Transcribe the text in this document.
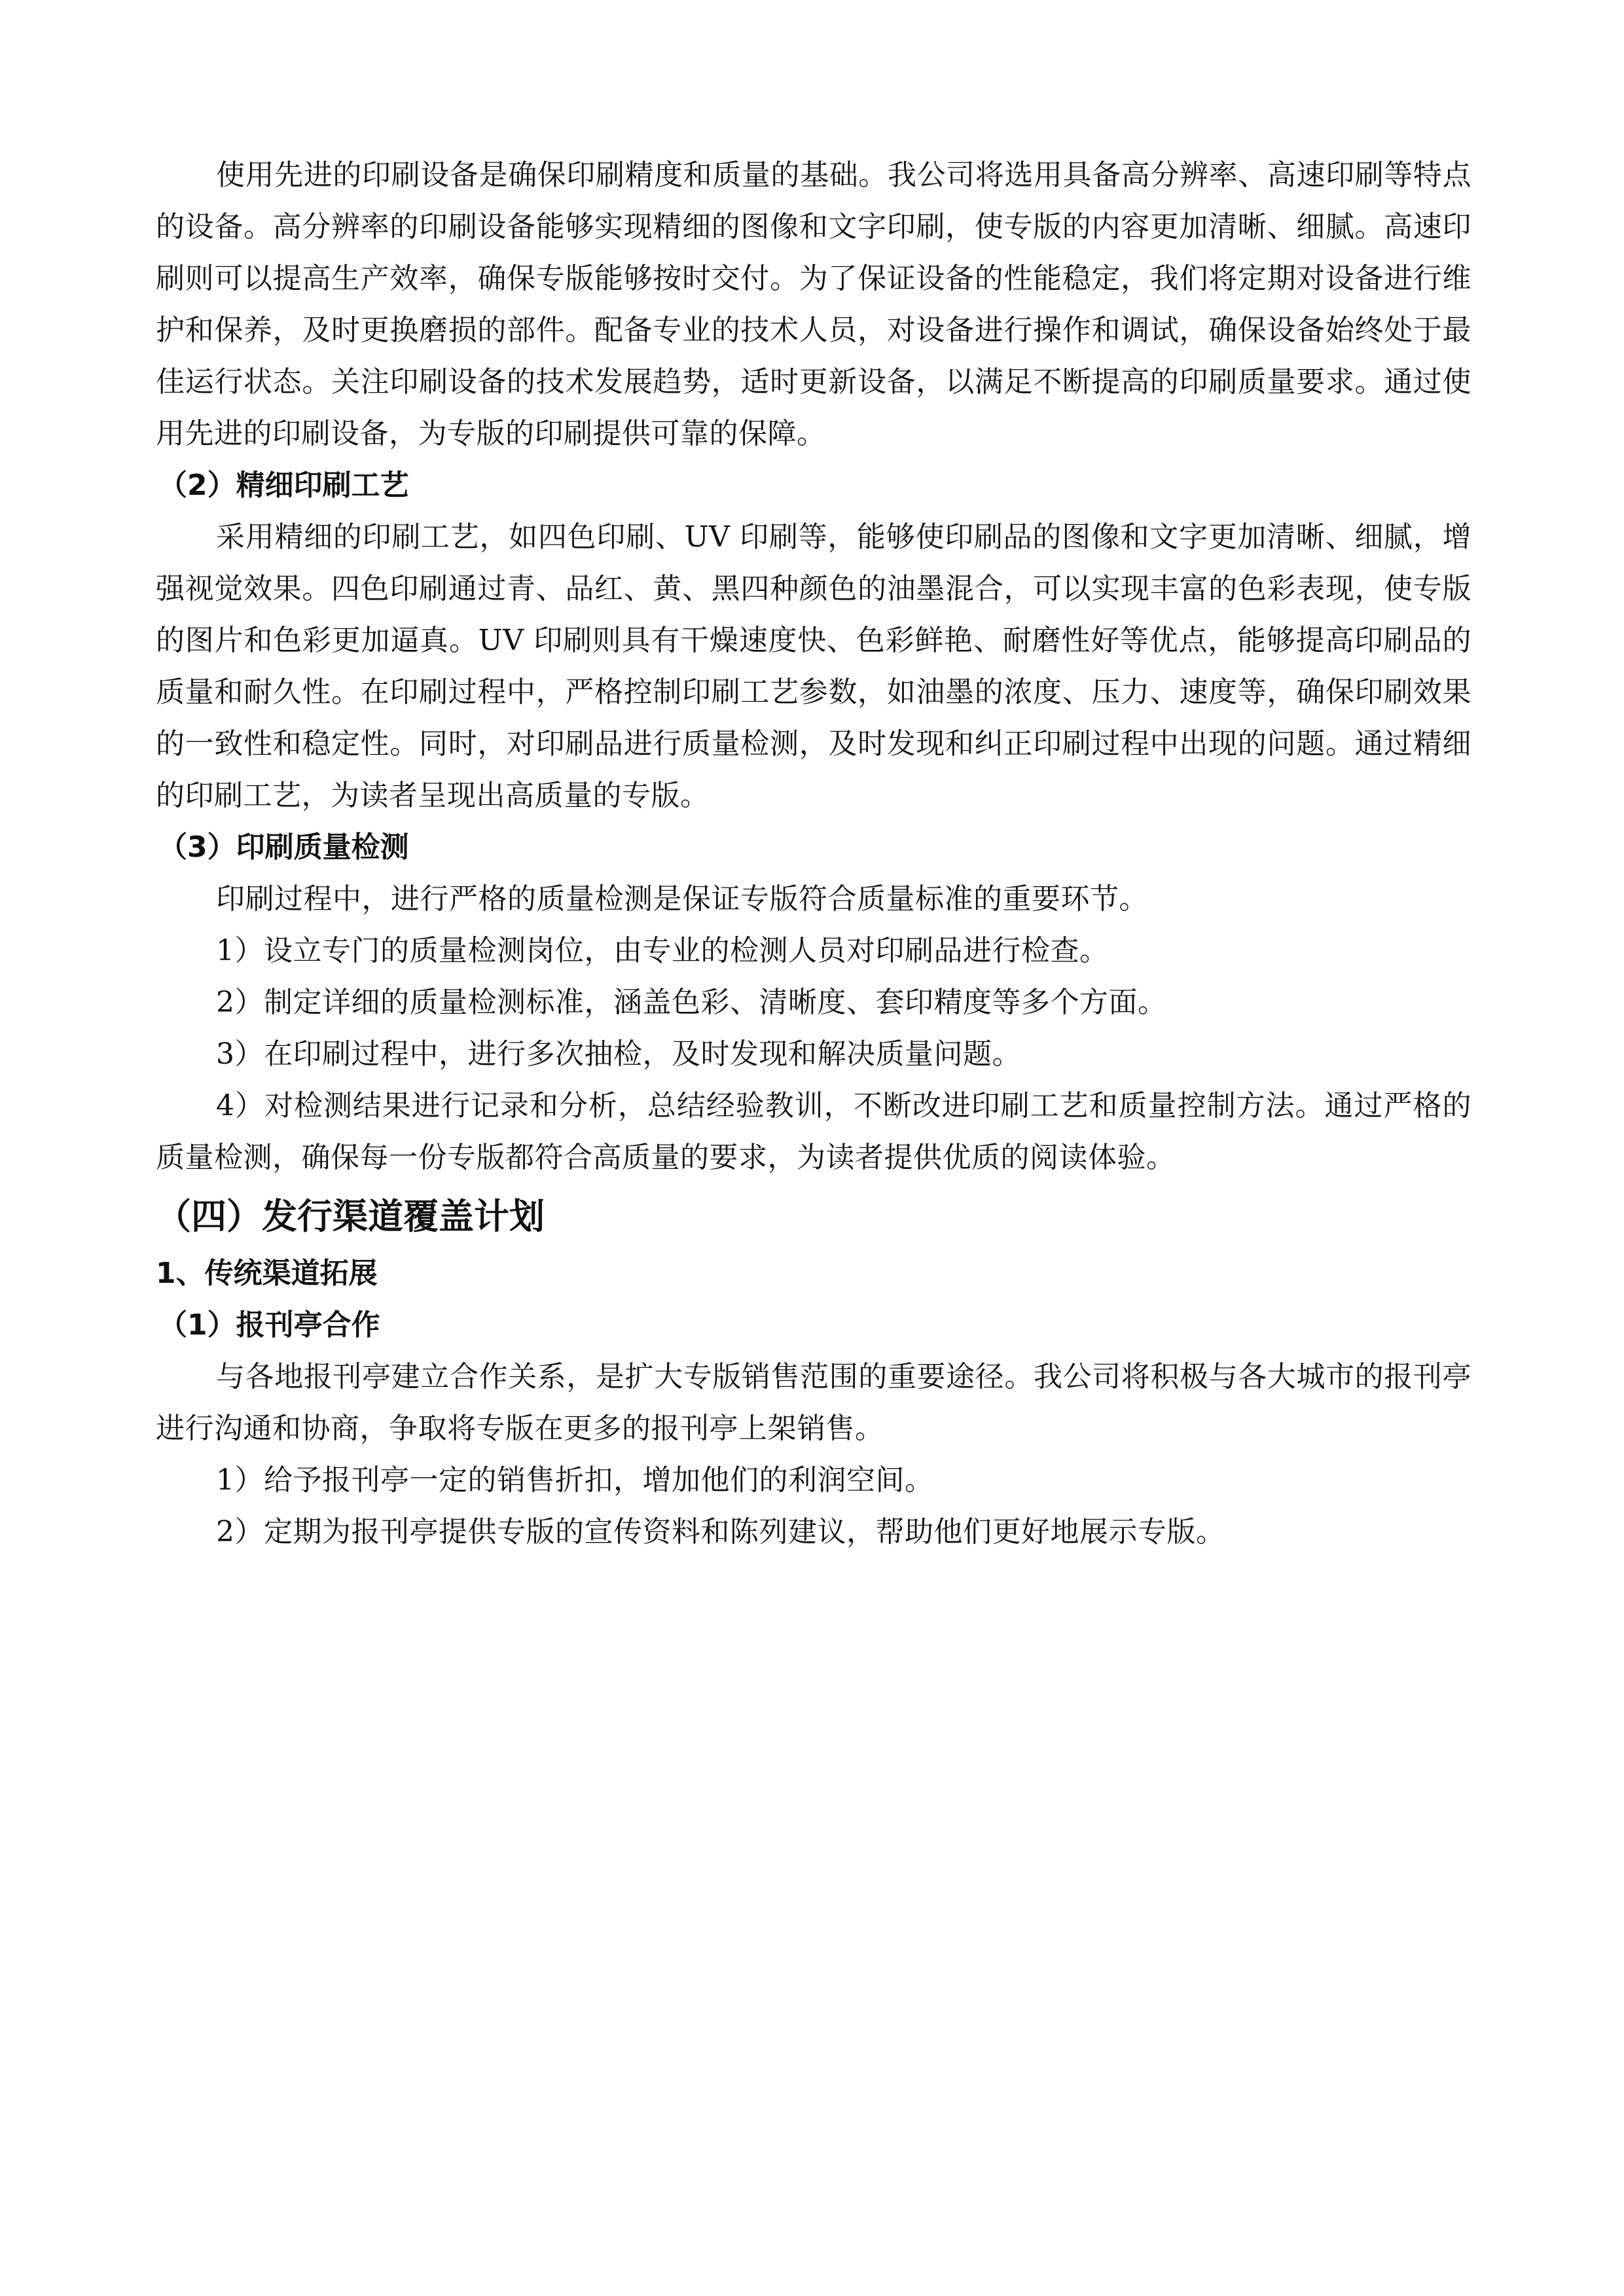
使用先进的印刷设备是确保印刷精度和质量的基础。我公司将选用具备高分辨率、高速印刷等特点的设备。高分辨率的印刷设备能够实现精细的图像和文字印刷，使专版的内容更加清晰、细腻。高速印刷则可以提高生产效率，确保专版能够按时交付。为了保证设备的性能稳定，我们将定期对设备进行维护和保养，及时更换磨损的部件。配备专业的技术人员，对设备进行操作和调试，确保设备始终处于最佳运行状态。关注印刷设备的技术发展趋势，适时更新设备，以满足不断提高的印刷质量要求。通过使用先进的印刷设备，为专版的印刷提供可靠的保障。

（2）精细印刷工艺

采用精细的印刷工艺，如四色印刷、UV 印刷等，能够使印刷品的图像和文字更加清晰、细腻，增强视觉效果。四色印刷通过青、品红、黄、黑四种颜色的油墨混合，可以实现丰富的色彩表现，使专版的图片和色彩更加逼真。UV 印刷则具有干燥速度快、色彩鲜艳、耐磨性好等优点，能够提高印刷品的质量和耐久性。在印刷过程中，严格控制印刷工艺参数，如油墨的浓度、压力、速度等，确保印刷效果的一致性和稳定性。同时，对印刷品进行质量检测，及时发现和纠正印刷过程中出现的问题。通过精细的印刷工艺，为读者呈现出高质量的专版。

（3）印刷质量检测

印刷过程中，进行严格的质量检测是保证专版符合质量标准的重要环节。

1）设立专门的质量检测岗位，由专业的检测人员对印刷品进行检查。

2）制定详细的质量检测标准，涵盖色彩、清晰度、套印精度等多个方面。

3）在印刷过程中，进行多次抽检，及时发现和解决质量问题。

4）对检测结果进行记录和分析，总结经验教训，不断改进印刷工艺和质量控制方法。通过严格的质量检测，确保每一份专版都符合高质量的要求，为读者提供优质的阅读体验。

（四）发行渠道覆盖计划
1、传统渠道拓展

（1）报刊亭合作

与各地报刊亭建立合作关系，是扩大专版销售范围的重要途径。我公司将积极与各大城市的报刊亭进行沟通和协商，争取将专版在更多的报刊亭上架销售。

1）给予报刊亭一定的销售折扣，增加他们的利润空间。

2）定期为报刊亭提供专版的宣传资料和陈列建议，帮助他们更好地展示专版。
